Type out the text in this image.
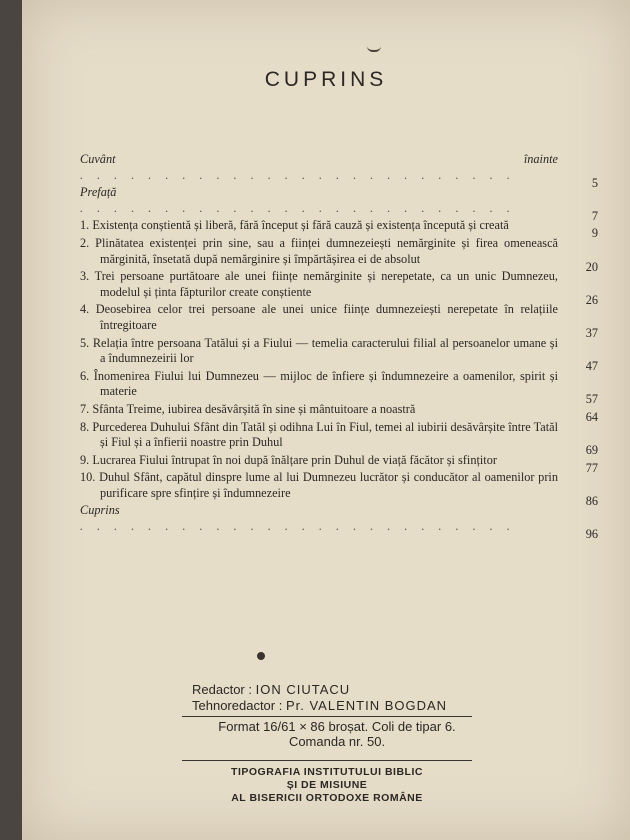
CUPRINS
Cuvânt înainte ..........................
5
Prefață ..........................
7
1. Existența conștientă și liberă, fără început și fără cauză și existența începută și creată
9
2. Plinătatea existenței prin sine, sau a ființei dumnezeiești nemărginite și firea omenească mărginită, însetată după nemărginire și împărtășirea ei de absolut
20
3. Trei persoane purtătoare ale unei ființe nemărginite și nerepetate, ca un unic Dumnezeu, modelul și ținta făpturilor create conștiente
26
4. Deosebirea celor trei persoane ale unei unice ființe dumnezeiești nerepetate în relațiile întregitoare
37
5. Relația între persoana Tatălui și a Fiului — temelia caracterului filial al persoanelor umane și a îndumnezeirii lor
47
6. Înomenirea Fiului lui Dumnezeu — mijloc de înfiere și îndumnezeire a oamenilor, spirit și materie
57
7. Sfânta Treime, iubirea desăvârșită în sine și mântuitoare a noastră
64
8. Purcederea Duhului Sfânt din Tatăl și odihna Lui în Fiul, temei al iubirii desăvârșite între Tatăl și Fiul și a înfierii noastre prin Duhul
69
9. Lucrarea Fiului întrupat în noi după înălțare prin Duhul de viață făcător și sfințitor
77
10. Duhul Sfânt, capătul dinspre lume al lui Dumnezeu lucrător și conducător al oamenilor prin purificare spre sfințire și îndumnezeire
86
Cuprins ..........................
96
Redactor : ION CIUTACU
Tehnoredactor : Pr. VALENTIN BOGDAN
Format 16/61 × 86 broșat. Coli de tipar 6.
Comanda nr. 50.
TIPOGRAFIA INSTITUTULUI BIBLIC
ȘI DE MISIUNE
AL BISERICII ORTODOXE ROMÂNE
